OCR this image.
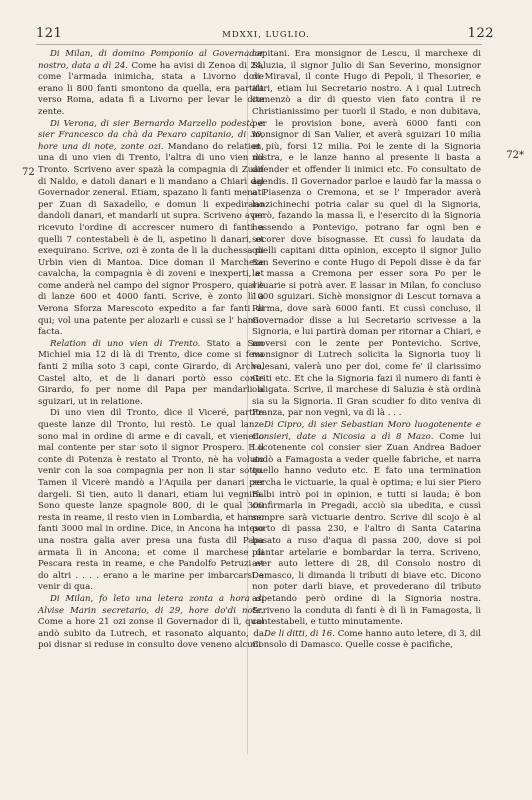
121	MDXXI, LUGLIO.	122
72
72*

Di Milan, di domino Pomponio al Governador nostro, data a dì 24. Come ha avisi di Zenoa di 24, come l'armada inimicha, stata a Livorno dove erano li 800 fanti smontono da quella, era partita verso Roma, adata fi a Livorno per levar le dite zente.

Di Verona, di sier Bernardo Marzello podestà e sier Francesco da chà da Pexaro capitanio, di 30, hore una di note, zonte ozi. Mandano do relation, una di uno vien di Trento, l'altra di uno vien dil Tronto. Scriveno aver spazà la compagnia di Zuan di Naldo, e datoli danari e li mandano a Chiarì dal Governador zeneral. Etiam, spazano li fanti menati per Zuan di Saxadello, e domun li expedirano dandoli danari, et mandarli ut supra. Scriveno aver ricevuto l'ordine di accrescer numero di fanti a quelli 7 contestabeli è de li, aspetino li danari, et exequirano. Scrive, ozi è zonta de li la duchessa di Urbin vien di Mantoa. Dice doman il Marchexe cavalcha, la compagnia è di zoveni e inexperti, et come anderà nel campo del signor Prospero, qual è di lanze 600 et 4000 fanti. Scrive, è zonto lì a Verona Sforza Marescoto expedito a far fanti di qui; vol una patente per alozarli e cussì se l' hanno facta.

Relation di uno vien di Trento. Stato a San Michiel mia 12 di là di Trento, dice come si feva fanti 2 milia soto 3 capi, conte Girardo, di Archo, Castel alto, et de li danari portò esso conte Girardo, fo per nome dil Papa per mandarli a sguizari, ut in relatione.

Di uno vien dil Tronto, dice il Viceré, partite queste lanze dil Tronto, lui restò. Le qual lanze sono mal in ordine di arme e di cavali, et vieneno mal contente per star soto il signor Prospero. E il conte di Potenza è restato al Tronto, nè ha voluto venir con la soa compagnia per non li star sotto. Tamen il Vicerè mandò a l'Aquila per danari per dargeli. Si tien, auto li danari, etiam lui vegnirà. Sono queste lanze spagnole 800, di le qual 300 resta in reame, il resto vien in Lombardia, et hanno fanti 3000 mal in ordine. Dice, in Ancona ha inteso una nostra galia aver presa una fusta dil Papa armata lì in Ancona; et come il marchese di Pescara resta in reame, e che Pandolfo Petruzi et do altri . . . . erano a le marine per imbarcarsi e venir di qua.

Di Milan, fo leto una letera zonta a hora di Alvise Marin secretario, di 29, hore do'di note. Come a hore 21 ozi zonse il Governador di lì, qual andò subito da Lutrech, et rasonato alquanto, da poi disnar si reduse in consulto dove veneno alcuni

capitani. Era monsignor de Lescu, il marchexe di Saluzia, il signor Julio di San Severino, monsignor di Miraval, il conte Hugo di Pepoli, il Thesorier, e altri, etiam lui Secretario nostro. A i qual Lutrech comenzò a dir di questo vien fato contra il re Christianissimo per tuorli il Stado, e non dubitava, per le provision bone, averà 6000 fanti con monsignor di San Valier, et averà sguizari 10 milia et più, forsi 12 milia. Poi le zente di la Signoria nostra, e le lanze hanno al presente li basta a difender et offender li inimici etc. Fo consultato de agendis. Il Governador parloe e laudò far la massa o a Piasenza o Cremona, et se l' Imperador averà lanzichinechi potria calar su quel di la Signoria, però, fazando la massa lì, e l'esercito di la Signoria hessendo a Pontevigo, potrano far ogni ben e socorer dove bisognasse. Et cussì fo laudata da quelli capitani ditta opinion, excepto il signor Julio San Severino e conte Hugo di Pepoli disse è da far la massa a Cremona per esser sora Po per le vituarie si potrà aver. E lassar in Milan, fo concluso 1000 sguizari. Sichè monsignor di Lescut tornava a Parma, dove sarà 6000 fanti. Et cussì concluso, il Governador disse a lui Secretario scrivesse a la Signoria, e lui partirà doman per ritornar a Chiari, e moversi con le zente per Pontevicho. Scrive, monsignor di Lutrech solicita la Signoria tuoy li valesani, valerà uno per doi, come fe' il clarissimo Griti etc. Et che la Signoria fazi il numero di fanti è obligata. Scrive, il marchese di Saluzia è stà ordinà sia su la Signoria. Il Gran scudier fo dito veniva di Franza, par non vegnì, va di là . . .

Di Cipro, di sier Sebastian Moro luogotenente e Consieri, date a Nicosia a dì 8 Mazo. Come lui Locotenente col consier sier Zuan Andrea Badoer andò a Famagosta a veder quelle fabriche, et narra quello hanno veduto etc. E fato una termination zercha le victuarie, la qual è optima; e lui sier Piero Balbi intrò poi in opinion, e tutti si lauda; è bon confirmarla in Pregadi, acciò sia ubedita, e cussì sempre sarà victuarie dentro. Scrive dil scojo è al porto di passa 230, e l'altro di Santa Catarina basato a ruso d'aqua di passa 200, dove si pol piantar artelarie e bombardar la terra. Scriveno, aver auto lettere di 28, dil Consolo nostro di Damasco, li dimanda li tributi di biave etc. Dicono non poter darli biave, et provederano dil tributo aspetando però ordine di la Signoria nostra. Scriveno la conduta di fanti è di lì in Famagosta, li contestabeli, e tutto minutamente.

De li ditti, di 16. Come hanno auto letere, di 3, dil Consolo di Damasco. Quelle cosse è pacifiche,
